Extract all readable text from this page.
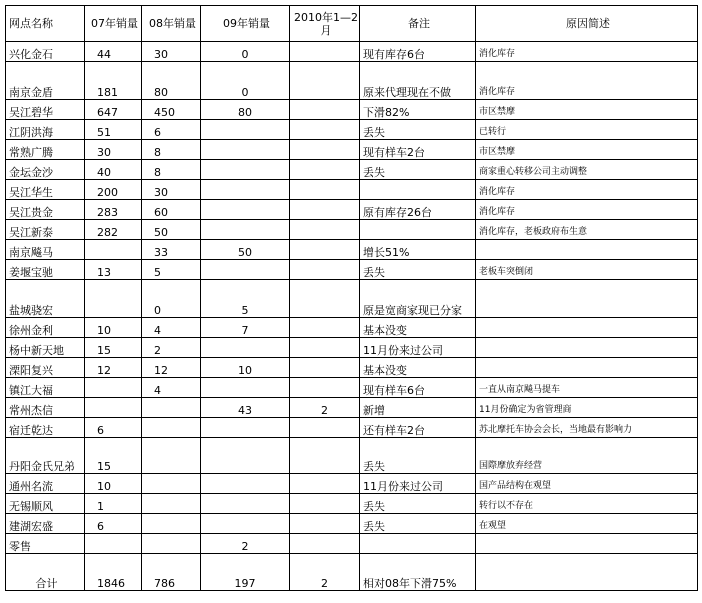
网点名称	07年销量	08年销量	09年销量	2010年1—2月	备注	原因简述
兴化金石	44	30	0		现有库存6台	消化库存
南京金盾	181	80	0		原来代理现在不做	消化库存
吴江碧华	647	450	80		下滑82%	市区禁摩
江阴洪海	51	6			丢失	已转行
常熟广腾	30	8			现有样车2台	市区禁摩
金坛金沙	40	8			丢失	商家重心转移公司主动调整
吴江华生	200	30				消化库存
吴江贵金	283	60			原有库存26台	消化库存
吴江新泰	282	50				消化库存，老板政府布生意
南京飚马		33	50		增长51%	
姜堰宝驰	13	5			丢失	老板车突倒闭
盐城骁宏		0	5		原是宽商家现已分家	
徐州金利	10	4	7		基本没变	
杨中新天地	15	2			11月份来过公司	
溧阳复兴	12	12	10		基本没变	
镇江大福		4			现有样车6台	一直从南京飚马提车
常州杰信			43	2	新增	11月份确定为省管理商
宿迁乾达	6				还有样车2台	苏北摩托车协会会长，当地最有影响力
丹阳金氏兄弟	15				丢失	国際摩放弃经营
通州名流	10				11月份来过公司	国产品结构在观望
无锡顺风	1				丢失	转行以不存在
建湖宏盛	6				丢失	在观望
零售			2			
合计	1846	786	197	2	相对08年下滑75%	
